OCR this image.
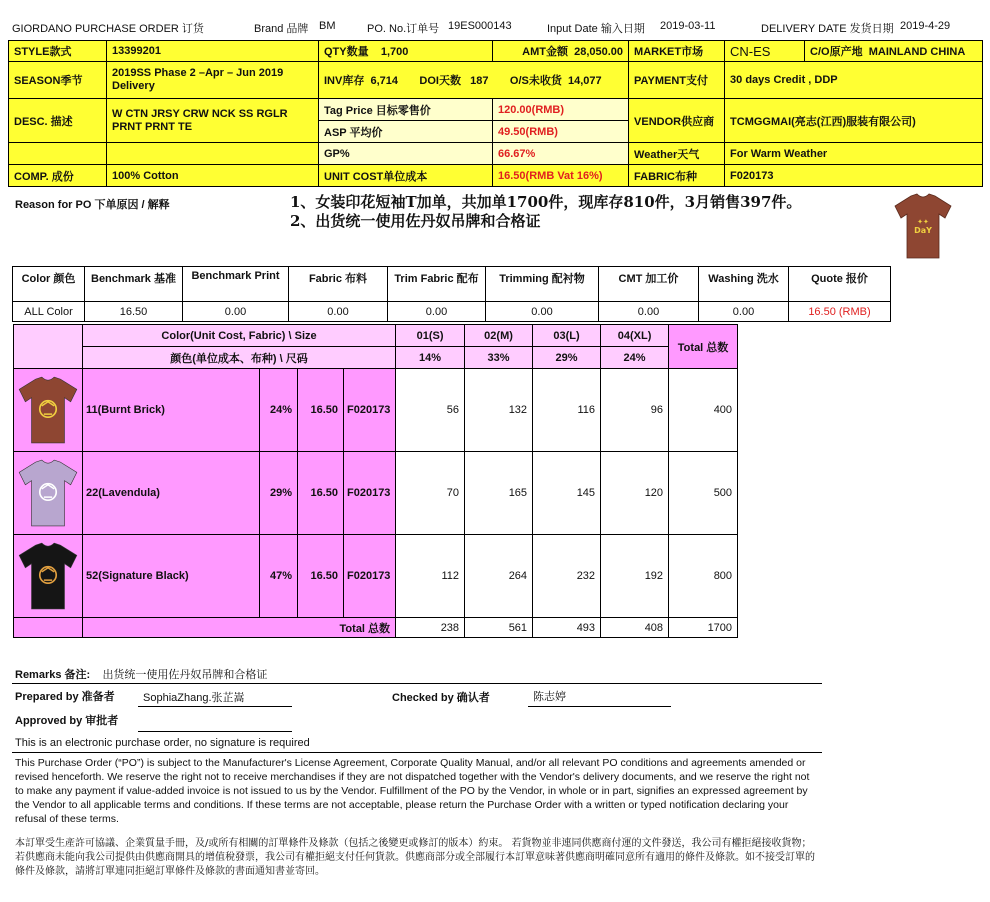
GIORDANO PURCHASE ORDER 订货	Brand 品牌 BM	PO. No.订单号 19ES000143	Input Date 输入日期 2019-03-11	DELIVERY DATE 发货日期 2019-4-29
STYLE款式	13399201	QTY数量 1,700	AMT金额 28,050.00	MARKET市场	CN-ES	C/O原产地 MAINLAND CHINA
SEASON季节	2019SS Phase 2 –Apr – Jun 2019 Delivery	INV库存 6,714 DOI天数 187 O/S未收货 14,077		PAYMENT支付	30 days Credit , DDP	
DESC. 描述	W CTN JRSY CRW NCK SS RGLR PRNT PRNT TE	Tag Price 目标零售价	120.00(RMB)	VENDOR供应商	TCMGGMAI(亮志(江西)服装有限公司)	
		ASP 平均价	49.50(RMB)			
		GP%	66.67%	Weather天气	For Warm Weather	
COMP. 成份	100% Cotton	UNIT COST单位成本	16.50(RMB Vat 16%)	FABRIC布种	F020173	
Reason for PO 下单原因 / 解释	1、女装印花短袖T加单，共加单1700件，现库存810件，3月销售397件。
2、出货统一使用佐丹奴吊牌和合格证	✦✦
DaY
Color 颜色	Benchmark 基准	Benchmark Print	Fabric 布料	Trim Fabric 配布	Trimming 配衬物	CMT 加工价	Washing 洗水	Quote 报价
ALL Color	16.50	0.00	0.00	0.00	0.00	0.00	0.00	16.50 (RMB)
	Color(Unit Cost, Fabric) \ Size				01(S)	02(M)	03(L)	04(XL)	Total 总数
	颜色(单位成本、布种) \ 尺码				14%	33%	29%	24%	

	11(Burnt Brick)	24%	16.50	F020173	56	132	116	96	400

	22(Lavendula)	29%	16.50	F020173	70	165	145	120	500

	52(Signature Black)	47%	16.50	F020173	112	264	232	192	800
	Total 总数				238	561	493	408	1700
Remarks 备注: 出货统一使用佐丹奴吊牌和合格证
Prepared by 准备者	SophiaZhang.张芷嵩	Checked by 确认者	陈志婷
Approved by 审批者
This is an electronic purchase order, no signature is required
This Purchase Order (“PO”) is subject to the Manufacturer's License Agreement, Corporate Quality Manual, and/or all relevant PO conditions and agreements amended or revised henceforth. We reserve the right not to receive merchandises if they are not dispatched together with the Vendor's delivery documents, and we reserve the right not to make any payment if value-added invoice is not issued to us by the Vendor. Fulfillment of the PO by the Vendor, in whole or in part, signifies an expressed agreement by the Vendor to all applicable terms and conditions. If these terms are not acceptable, please return the Purchase Order with a written or typed notification declaring your refusal of these terms.
本訂單受生產許可協議、企業質量手冊，及/或所有相關的訂單條件及條款（包括之後變更或修訂的版本）約束。 若貨物並非連同供應商付運的文件發送，我公司有權拒絕接收貨物；若供應商未能向我公司提供由供應商開具的增值稅發票，我公司有權拒絕支付任何貨款。供應商部分或全部履行本訂單意味著供應商明確同意所有適用的條件及條款。如不接受訂單的條件及條款，請將訂單連同拒絕訂單條件及條款的書面通知書並寄回。
